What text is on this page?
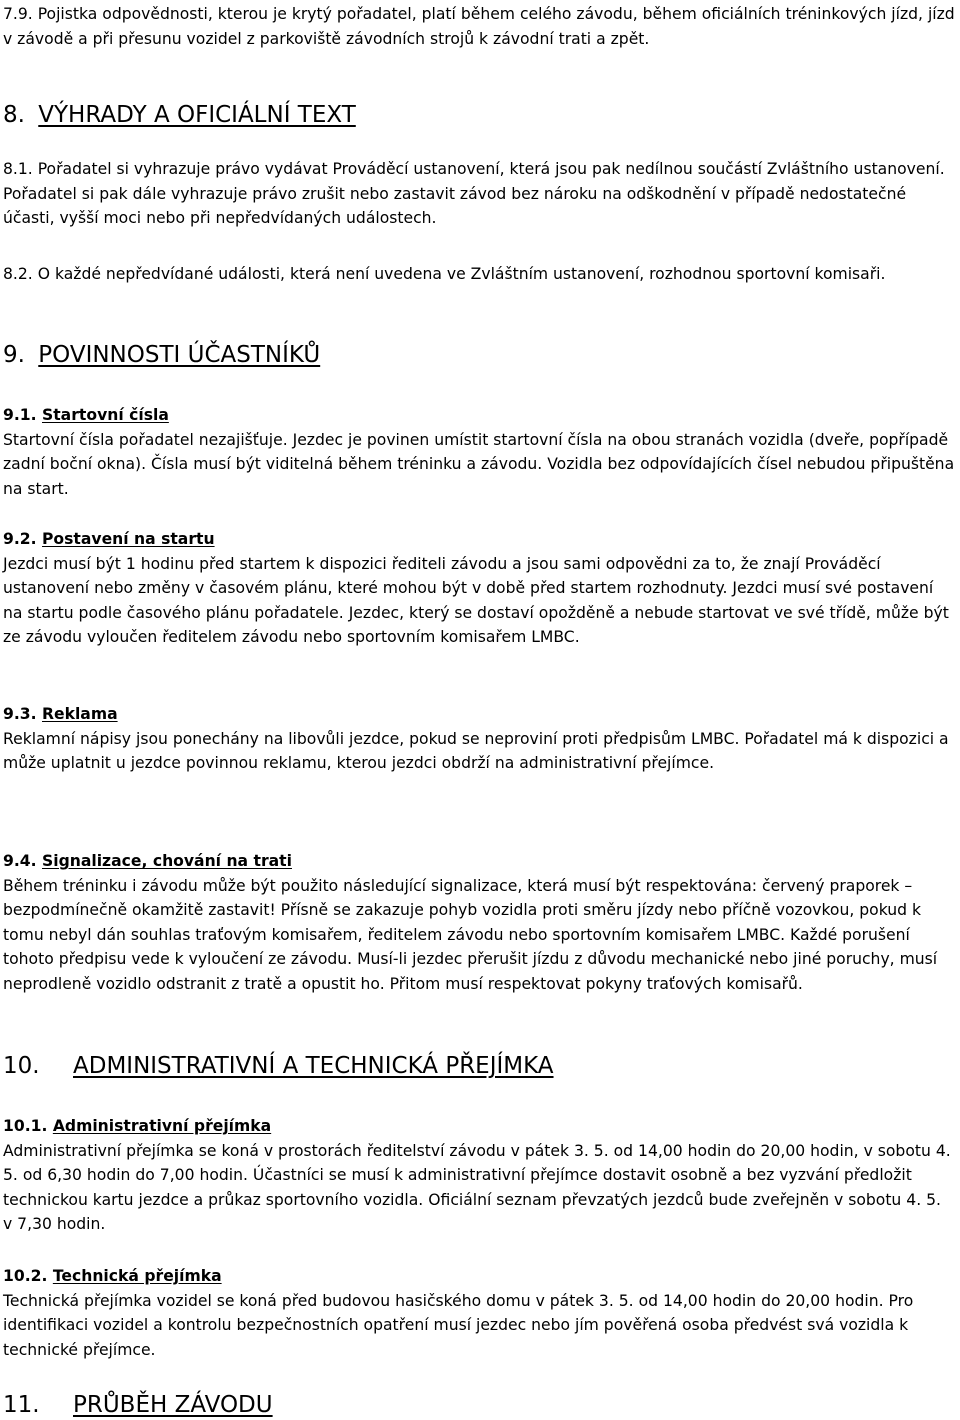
7.9. Pojistka odpovědnosti, kterou je krytý pořadatel, platí během celého závodu, během oficiálních tréninkových jízd, jízd v závodě a při přesunu vozidel z parkoviště závodních strojů k závodní trati a zpět.

8. VÝHRADY A OFICIÁLNÍ TEXT

8.1. Pořadatel si vyhrazuje právo vydávat Prováděcí ustanovení, která jsou pak nedílnou součástí Zvláštního ustanovení. Pořadatel si pak dále vyhrazuje právo zrušit nebo zastavit závod bez nároku na odškodnění v případě nedostatečné účasti, vyšší moci nebo při nepředvídaných událostech.

8.2. O každé nepředvídané události, která není uvedena ve Zvláštním ustanovení, rozhodnou sportovní komisaři.

9. POVINNOSTI ÚČASTNÍKŮ
9.1. Startovní čísla

Startovní čísla pořadatel nezajišťuje. Jezdec je povinen umístit startovní čísla na obou stranách vozidla (dveře, popřípadě zadní boční okna). Čísla musí být viditelná během tréninku a závodu. Vozidla bez odpovídajících čísel nebudou připuštěna na start.

9.2. Postavení na startu

Jezdci musí být 1 hodinu před startem k dispozici řediteli závodu a jsou sami odpovědni za to, že znají Prováděcí ustanovení nebo změny v časovém plánu, které mohou být v době před startem rozhodnuty. Jezdci musí své postavení na startu podle časového plánu pořadatele. Jezdec, který se dostaví opožděně a nebude startovat ve své třídě, může být ze závodu vyloučen ředitelem závodu nebo sportovním komisařem LMBC.

9.3. Reklama

Reklamní nápisy jsou ponechány na libovůli jezdce, pokud se neproviní proti předpisům LMBC. Pořadatel má k dispozici a může uplatnit u jezdce povinnou reklamu, kterou jezdci obdrží na administrativní přejímce.

9.4. Signalizace, chování na trati

Během tréninku i závodu může být použito následující signalizace, která musí být respektována: červený praporek – bezpodmínečně okamžitě zastavit! Přísně se zakazuje pohyb vozidla proti směru jízdy nebo příčně vozovkou, pokud k tomu nebyl dán souhlas traťovým komisařem, ředitelem závodu nebo sportovním komisařem LMBC. Každé porušení tohoto předpisu vede k vyloučení ze závodu. Musí-li jezdec přerušit jízdu z důvodu mechanické nebo jiné poruchy, musí neprodleně vozidlo odstranit z tratě a opustit ho. Přitom musí respektovat pokyny traťových komisařů.

10. ADMINISTRATIVNÍ A TECHNICKÁ PŘEJÍMKA
10.1. Administrativní přejímka

Administrativní přejímka se koná v prostorách ředitelství závodu v pátek 3. 5. od 14,00 hodin do 20,00 hodin, v sobotu 4. 5. od 6,30 hodin do 7,00 hodin. Účastníci se musí k administrativní přejímce dostavit osobně a bez vyzvání předložit technickou kartu jezdce a průkaz sportovního vozidla. Oficiální seznam převzatých jezdců bude zveřejněn v sobotu 4. 5. v 7,30 hodin.

10.2. Technická přejímka

Technická přejímka vozidel se koná před budovou hasičského domu v pátek 3. 5. od 14,00 hodin do 20,00 hodin. Pro identifikaci vozidel a kontrolu bezpečnostních opatření musí jezdec nebo jím pověřená osoba předvést svá vozidla k technické přejímce.

11. PRŮBĚH ZÁVODU
